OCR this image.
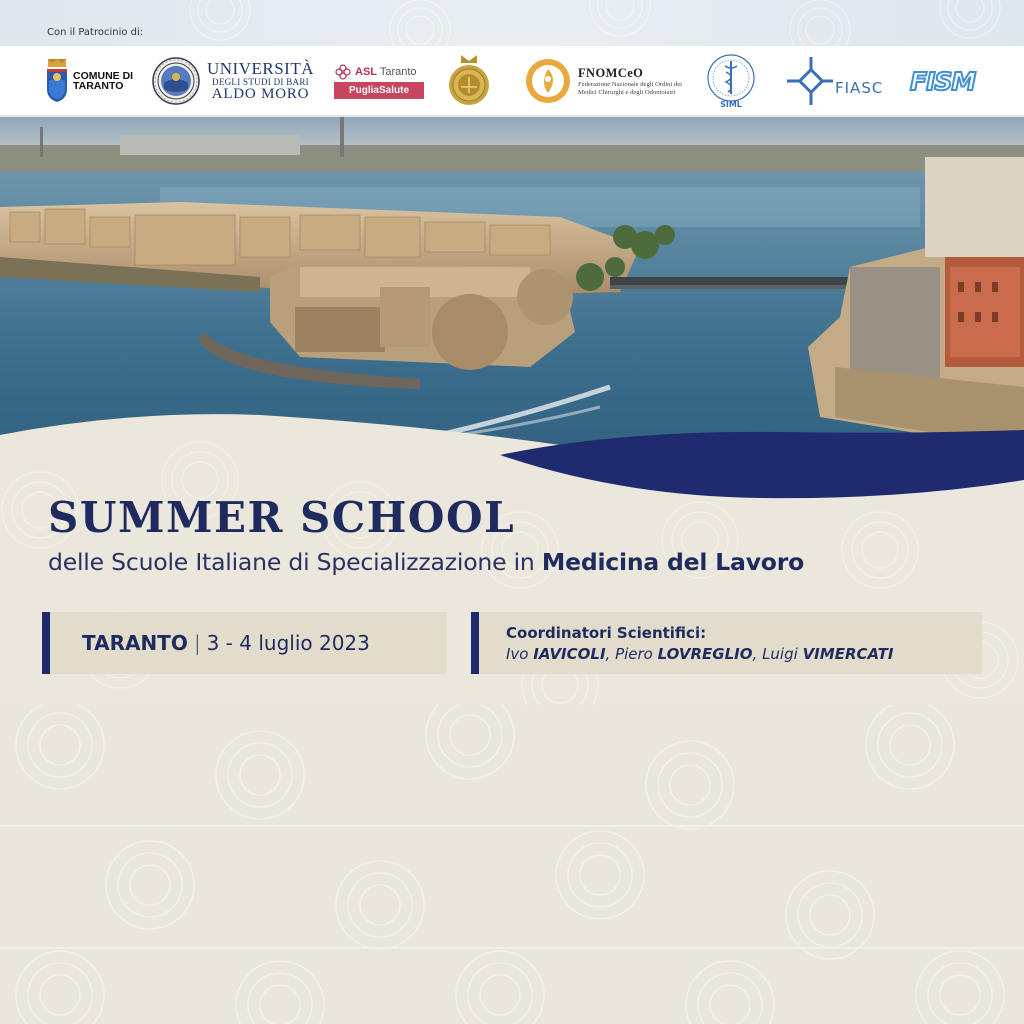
Con il Patrocinio di:
COMUNE DI TARANTO
UNIVERSITÀ
DEGLI STUDI DI BARI
ALDO MORO
ASL Taranto
PugliaSalute
FNOMCeO
Federazione Nazionale degli Ordini dei Medici Chirurghi e degli Odontoiatri
SIML
FIASC FISM
SUMMER SCHOOL
delle Scuole Italiane di Specializzazione in Medicina del Lavoro
TARANTO | 3 - 4 luglio 2023	Coordinatori Scientifici:
Ivo IAVICOLI, Piero LOVREGLIO, Luigi VIMERCATI
